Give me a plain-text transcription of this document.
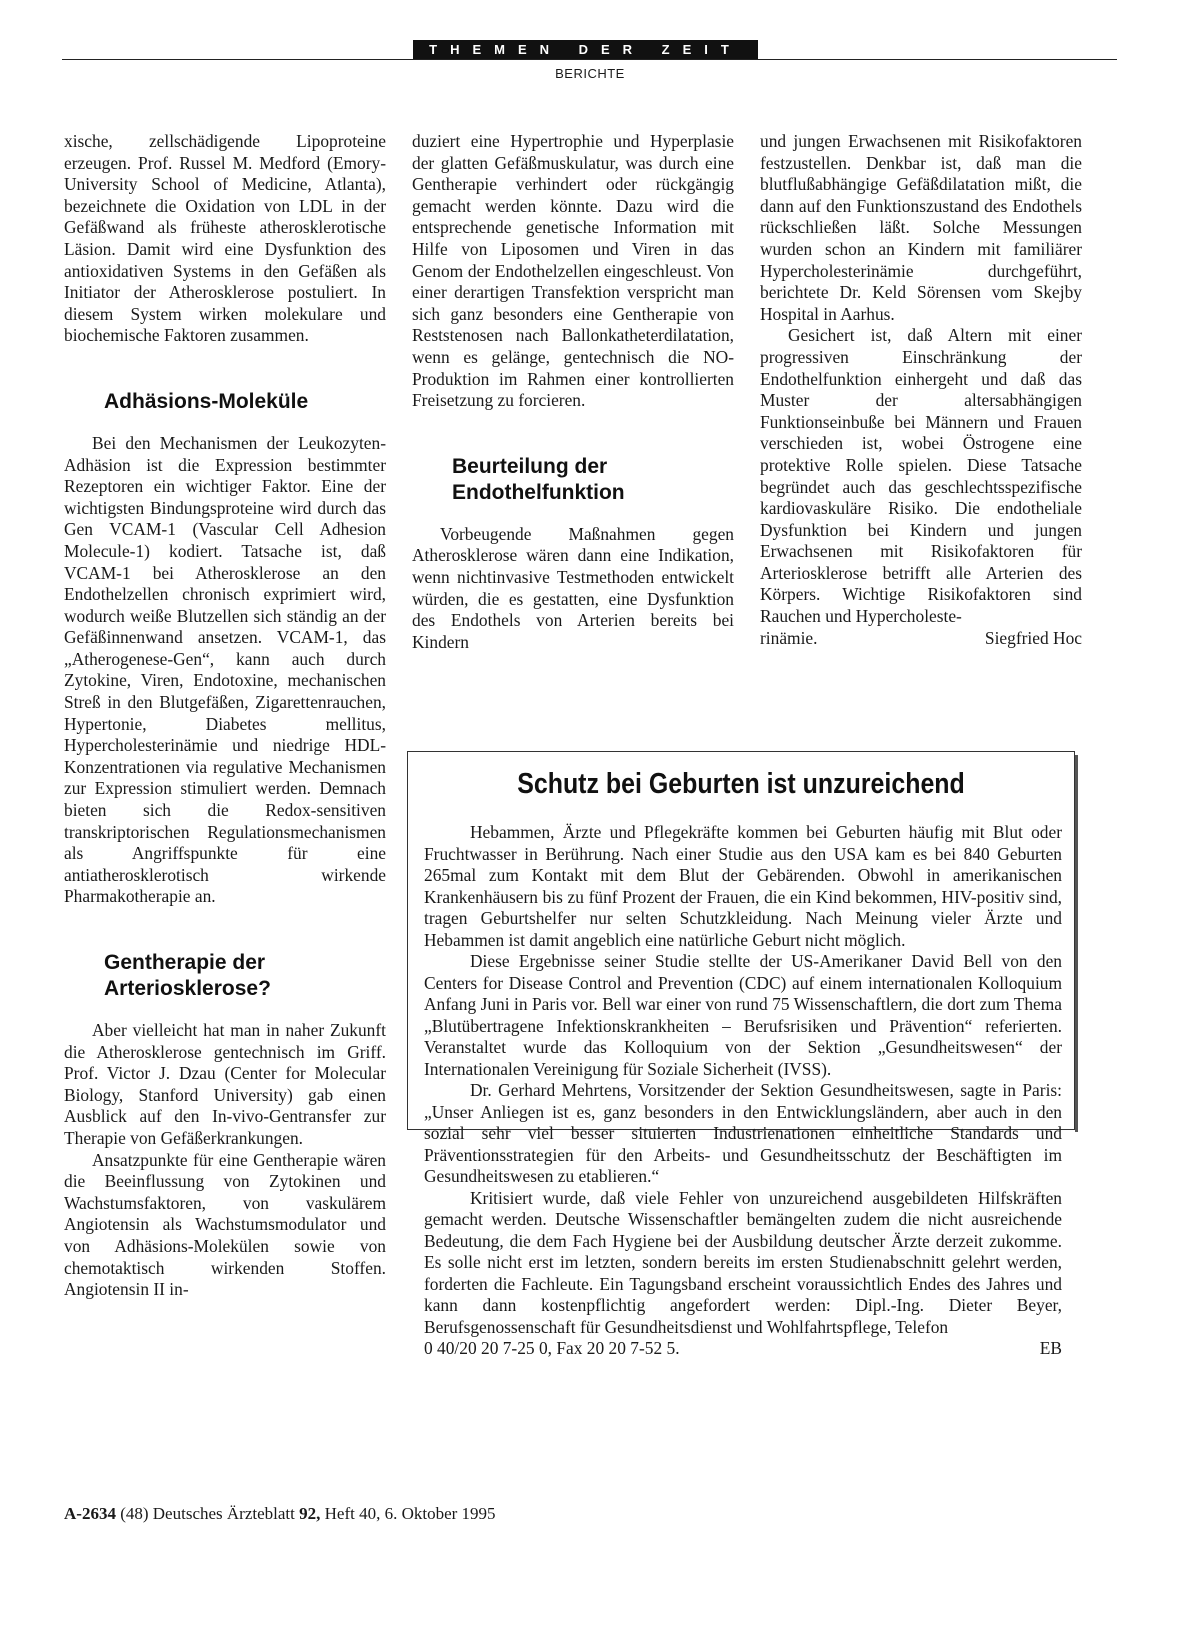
THEMEN DER ZEIT
BERICHTE

xische, zellschädigende Lipoproteine erzeugen. Prof. Russel M. Medford (Emory-University School of Medicine, Atlanta), bezeichnete die Oxidation von LDL in der Gefäßwand als früheste atherosklerotische Läsion. Damit wird eine Dysfunktion des antioxidativen Systems in den Gefäßen als Initiator der Atherosklerose postuliert. In diesem System wirken molekulare und biochemische Faktoren zusammen.

Adhäsions-Moleküle

Bei den Mechanismen der Leukozyten-Adhäsion ist die Expression bestimmter Rezeptoren ein wichtiger Faktor. Eine der wichtigsten Bindungsproteine wird durch das Gen VCAM-1 (Vascular Cell Adhesion Molecule-1) kodiert. Tatsache ist, daß VCAM-1 bei Atherosklerose an den Endothelzellen chronisch exprimiert wird, wodurch weiße Blutzellen sich ständig an der Gefäßinnenwand ansetzen. VCAM-1, das „Atherogenese-Gen“, kann auch durch Zytokine, Viren, Endotoxine, mechanischen Streß in den Blutgefäßen, Zigarettenrauchen, Hypertonie, Diabetes mellitus, Hypercholesterinämie und niedrige HDL-Konzentrationen via regulative Mechanismen zur Expression stimuliert werden. Demnach bieten sich die Redox-sensitiven transkriptorischen Regulationsmechanismen als Angriffspunkte für eine antiatherosklerotisch wirkende Pharmakotherapie an.

Gentherapie der
Arteriosklerose?

Aber vielleicht hat man in naher Zukunft die Atherosklerose gentechnisch im Griff. Prof. Victor J. Dzau (Center for Molecular Biology, Stanford University) gab einen Ausblick auf den In-vivo-Gentransfer zur Therapie von Gefäßerkrankungen.

Ansatzpunkte für eine Gentherapie wären die Beeinflussung von Zytokinen und Wachstumsfaktoren, von vaskulärem Angiotensin als Wachstumsmodulator und von Adhäsions-Molekülen sowie von chemotaktisch wirkenden Stoffen. Angiotensin II in-

duziert eine Hypertrophie und Hyperplasie der glatten Gefäßmuskulatur, was durch eine Gentherapie verhindert oder rückgängig gemacht werden könnte. Dazu wird die entsprechende genetische Information mit Hilfe von Liposomen und Viren in das Genom der Endothelzellen eingeschleust. Von einer derartigen Transfektion verspricht man sich ganz besonders eine Gentherapie von Reststenosen nach Ballonkatheterdilatation, wenn es gelänge, gentechnisch die NO-Produktion im Rahmen einer kontrollierten Freisetzung zu forcieren.

Beurteilung der
Endothelfunktion

Vorbeugende Maßnahmen gegen Atherosklerose wären dann eine Indikation, wenn nichtinvasive Testmethoden entwickelt würden, die es gestatten, eine Dysfunktion des Endothels von Arterien bereits bei Kindern

und jungen Erwachsenen mit Risikofaktoren festzustellen. Denkbar ist, daß man die blutflußabhängige Gefäßdilatation mißt, die dann auf den Funktionszustand des Endothels rückschließen läßt. Solche Messungen wurden schon an Kindern mit familiärer Hypercholesterinämie durchgeführt, berichtete Dr. Keld Sörensen vom Skejby Hospital in Aarhus.

Gesichert ist, daß Altern mit einer progressiven Einschränkung der Endothelfunktion einhergeht und daß das Muster der altersabhängigen Funktionseinbuße bei Männern und Frauen verschieden ist, wobei Östrogene eine protektive Rolle spielen. Diese Tatsache begründet auch das geschlechtsspezifische kardiovaskuläre Risiko. Die endotheliale Dysfunktion bei Kindern und jungen Erwachsenen mit Risikofaktoren für Arteriosklerose betrifft alle Arterien des Körpers. Wichtige Risikofaktoren sind Rauchen und Hypercholeste-

rinämie.	Siegfried Hoc
Schutz bei Geburten ist unzureichend

Hebammen, Ärzte und Pflegekräfte kommen bei Geburten häufig mit Blut oder Fruchtwasser in Berührung. Nach einer Studie aus den USA kam es bei 840 Geburten 265mal zum Kontakt mit dem Blut der Gebärenden. Obwohl in amerikanischen Krankenhäusern bis zu fünf Prozent der Frauen, die ein Kind bekommen, HIV-positiv sind, tragen Geburtshelfer nur selten Schutzkleidung. Nach Meinung vieler Ärzte und Hebammen ist damit angeblich eine natürliche Geburt nicht möglich.

Diese Ergebnisse seiner Studie stellte der US-Amerikaner David Bell von den Centers for Disease Control and Prevention (CDC) auf einem internationalen Kolloquium Anfang Juni in Paris vor. Bell war einer von rund 75 Wissenschaftlern, die dort zum Thema „Blutübertragene Infektionskrankheiten – Berufsrisiken und Prävention“ referierten. Veranstaltet wurde das Kolloquium von der Sektion „Gesundheitswesen“ der Internationalen Vereinigung für Soziale Sicherheit (IVSS).

Dr. Gerhard Mehrtens, Vorsitzender der Sektion Gesundheitswesen, sagte in Paris: „Unser Anliegen ist es, ganz besonders in den Entwicklungsländern, aber auch in den sozial sehr viel besser situierten Industrienationen einheitliche Standards und Präventionsstrategien für den Arbeits- und Gesundheitsschutz der Beschäftigten im Gesundheitswesen zu etablieren.“

Kritisiert wurde, daß viele Fehler von unzureichend ausgebildeten Hilfskräften gemacht werden. Deutsche Wissenschaftler bemängelten zudem die nicht ausreichende Bedeutung, die dem Fach Hygiene bei der Ausbildung deutscher Ärzte derzeit zukomme. Es solle nicht erst im letzten, sondern bereits im ersten Studienabschnitt gelehrt werden, forderten die Fachleute. Ein Tagungsband erscheint voraussichtlich Endes des Jahres und kann dann kostenpflichtig angefordert werden: Dipl.-Ing. Dieter Beyer, Berufsgenossenschaft für Gesundheitsdienst und Wohlfahrtspflege, Telefon

0 40/20 20 7-25 0, Fax 20 20 7-52 5.	EB

A-2634 (48) Deutsches Ärzteblatt 92, Heft 40, 6. Oktober 1995
